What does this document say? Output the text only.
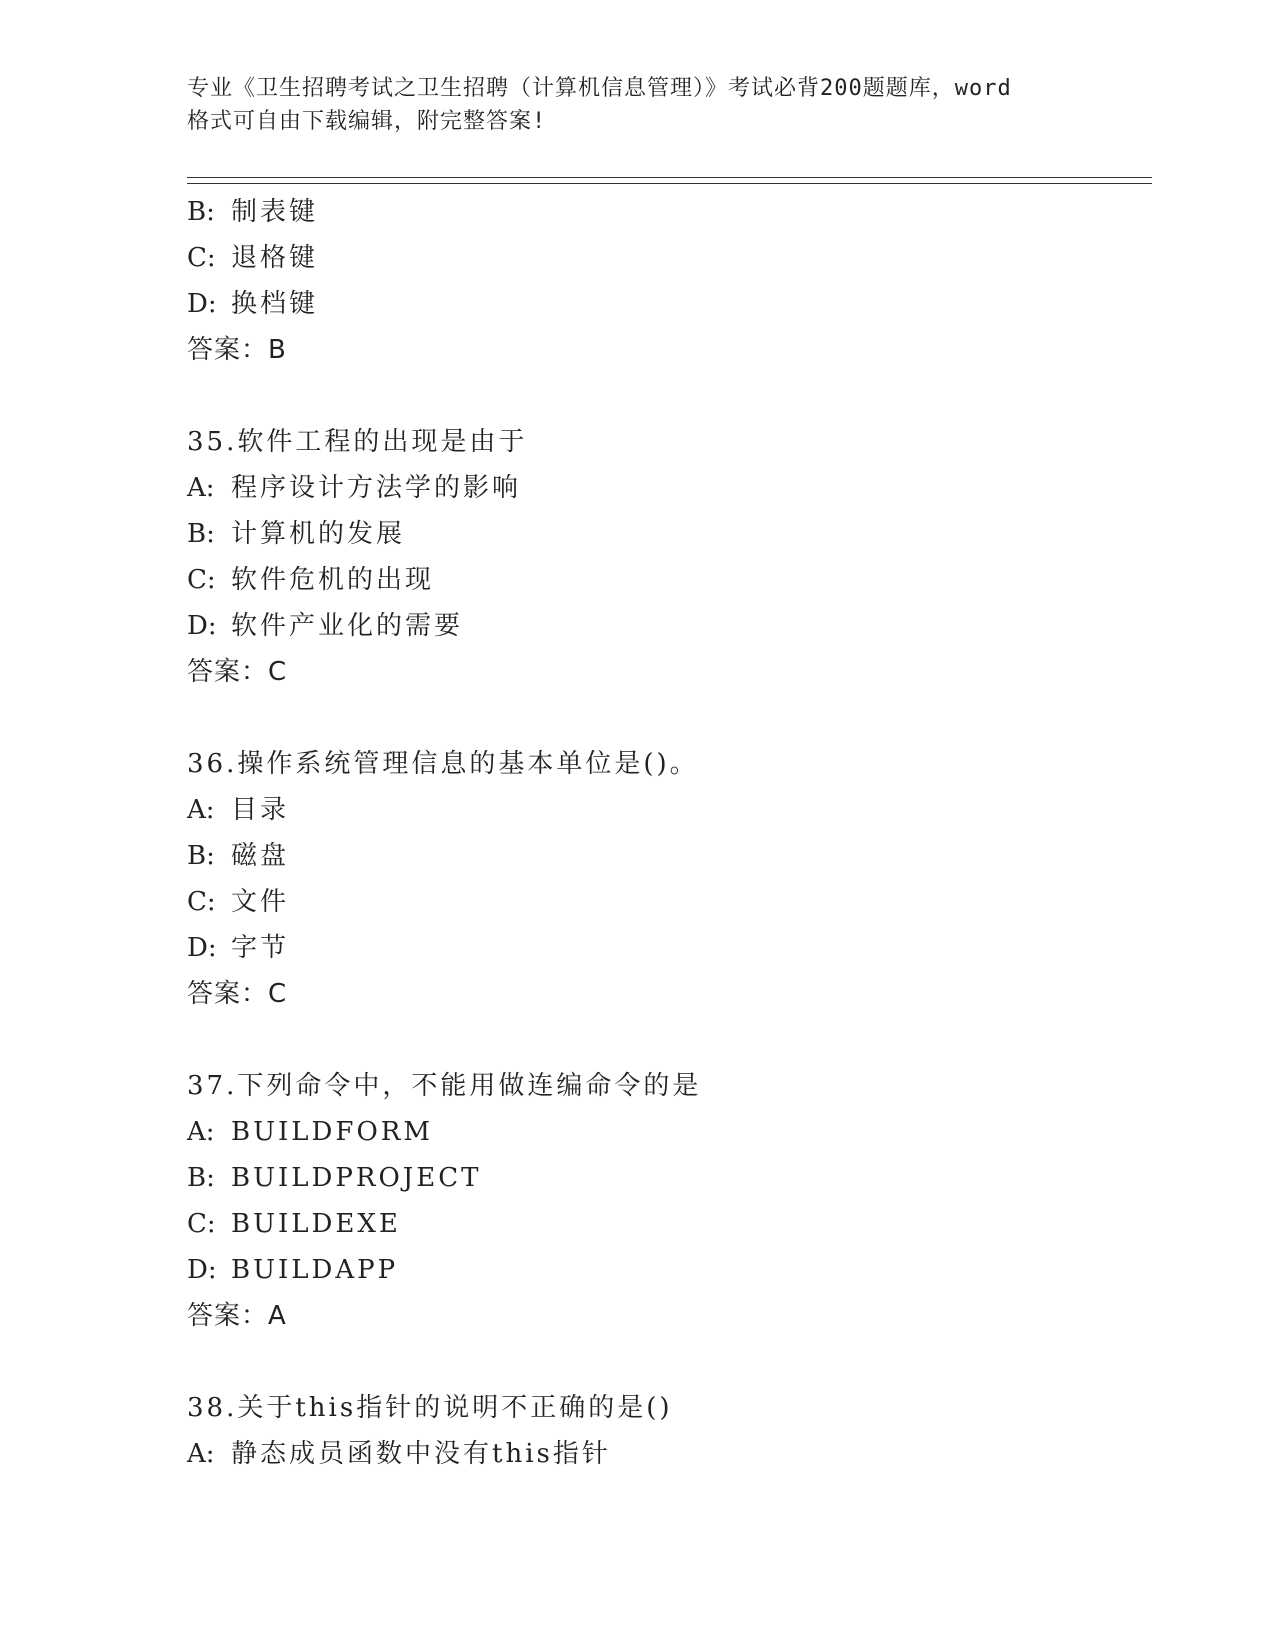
专业《卫生招聘考试之卫生招聘（计算机信息管理）》考试必背200题题库，word
格式可自由下载编辑，附完整答案!
B: 制表键
C: 退格键
D: 换档键
答案：B
35.软件工程的出现是由于
A: 程序设计方法学的影响
B: 计算机的发展
C: 软件危机的出现
D: 软件产业化的需要
答案：C
36.操作系统管理信息的基本单位是()。
A: 目录
B: 磁盘
C: 文件
D: 字节
答案：C
37.下列命令中，不能用做连编命令的是
A: BUILDFORM
B: BUILDPROJECT
C: BUILDEXE
D: BUILDAPP
答案：A
38.关于this指针的说明不正确的是()
A: 静态成员函数中没有this指针
